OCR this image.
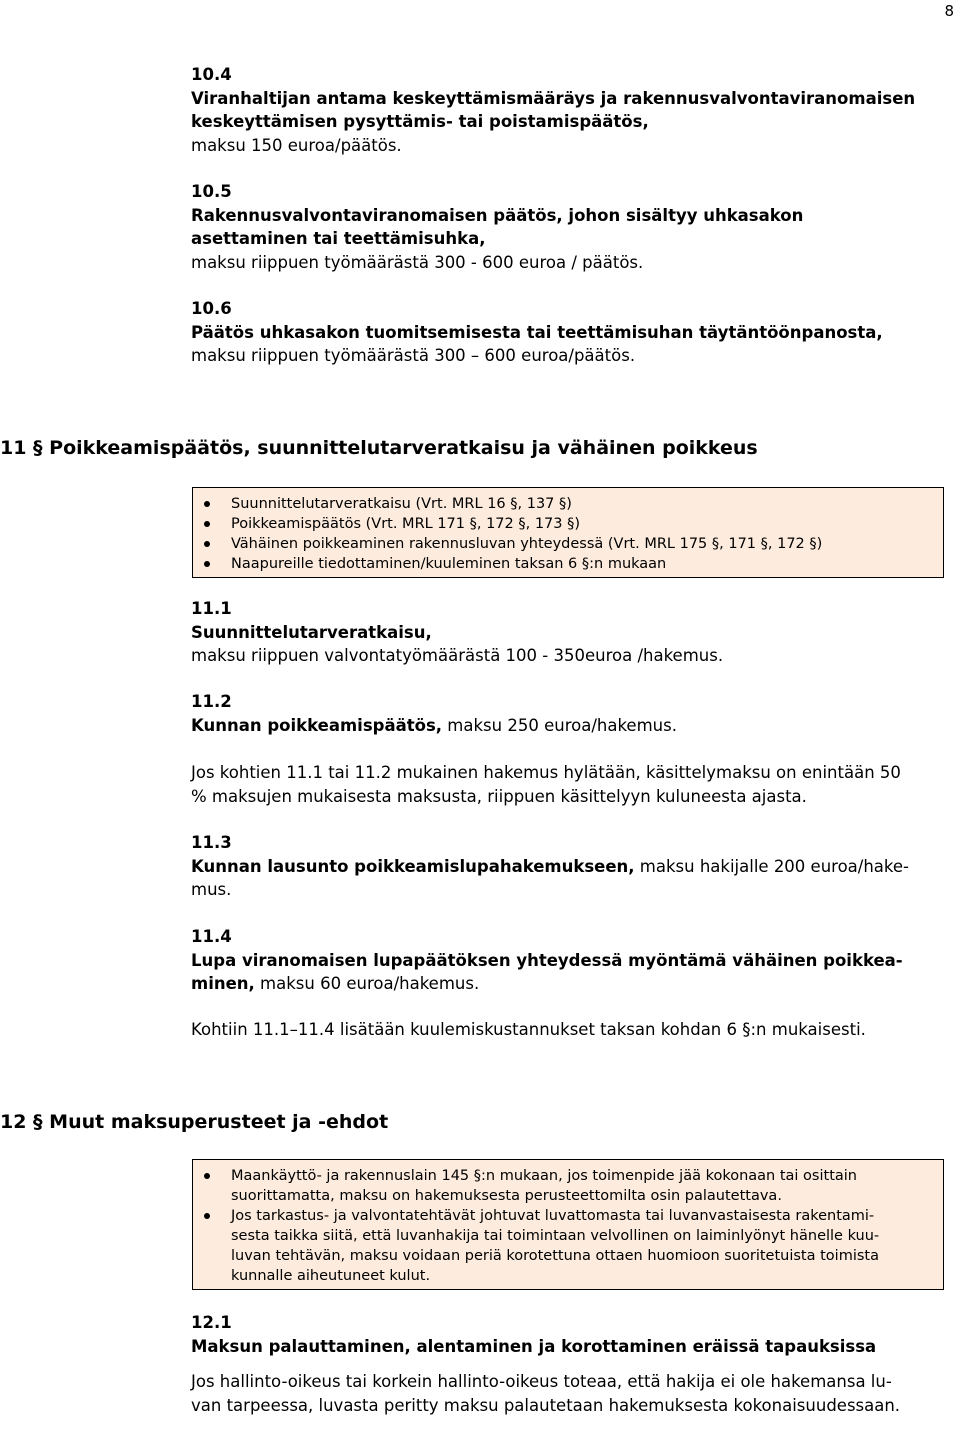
8
10.4
Viranhaltijan antama keskeyttämismääräys ja rakennusvalvontaviranomaisen
keskeyttämisen pysyttämis- tai poistamispäätös,
maksu 150 euroa/päätös.
10.5
Rakennusvalvontaviranomaisen päätös, johon sisältyy uhkasakon
asettaminen tai teettämisuhka,
maksu riippuen työmäärästä 300 - 600 euroa / päätös.
10.6
Päätös uhkasakon tuomitsemisesta tai teettämisuhan täytäntöönpanosta,
maksu riippuen työmäärästä 300 – 600 euroa/päätös.
11 § Poikkeamispäätös, suunnittelutarveratkaisu ja vähäinen poikkeus
Suunnittelutarveratkaisu (Vrt. MRL 16 §, 137 §)
Poikkeamispäätös (Vrt. MRL 171 §, 172 §, 173 §)
Vähäinen poikkeaminen rakennusluvan yhteydessä (Vrt. MRL 175 §, 171 §, 172 §)
Naapureille tiedottaminen/kuuleminen taksan 6 §:n mukaan
11.1
Suunnittelutarveratkaisu,
maksu riippuen valvontatyömäärästä 100 - 350euroa /hakemus.
11.2
Kunnan poikkeamispäätös, maksu 250 euroa/hakemus.
Jos kohtien 11.1 tai 11.2 mukainen hakemus hylätään, käsittelymaksu on enintään 50
% maksujen mukaisesta maksusta, riippuen käsittelyyn kuluneesta ajasta.
11.3
Kunnan lausunto poikkeamislupahakemukseen, maksu hakijalle 200 euroa/hake-
mus.
11.4
Lupa viranomaisen lupapäätöksen yhteydessä myöntämä vähäinen poikkea-
minen, maksu 60 euroa/hakemus.
Kohtiin 11.1–11.4 lisätään kuulemiskustannukset taksan kohdan 6 §:n mukaisesti.
12 § Muut maksuperusteet ja -ehdot
Maankäyttö- ja rakennuslain 145 §:n mukaan, jos toimenpide jää kokonaan tai osittain
suorittamatta, maksu on hakemuksesta perusteettomilta osin palautettava.
Jos tarkastus- ja valvontatehtävät johtuvat luvattomasta tai luvanvastaisesta rakentami-
sesta taikka siitä, että luvanhakija tai toimintaan velvollinen on laiminlyönyt hänelle kuu-
luvan tehtävän, maksu voidaan periä korotettuna ottaen huomioon suoritetuista toimista
kunnalle aiheutuneet kulut.
12.1
Maksun palauttaminen, alentaminen ja korottaminen eräissä tapauksissa
Jos hallinto-oikeus tai korkein hallinto-oikeus toteaa, että hakija ei ole hakemansa lu-
van tarpeessa, luvasta peritty maksu palautetaan hakemuksesta kokonaisuudessaan.
